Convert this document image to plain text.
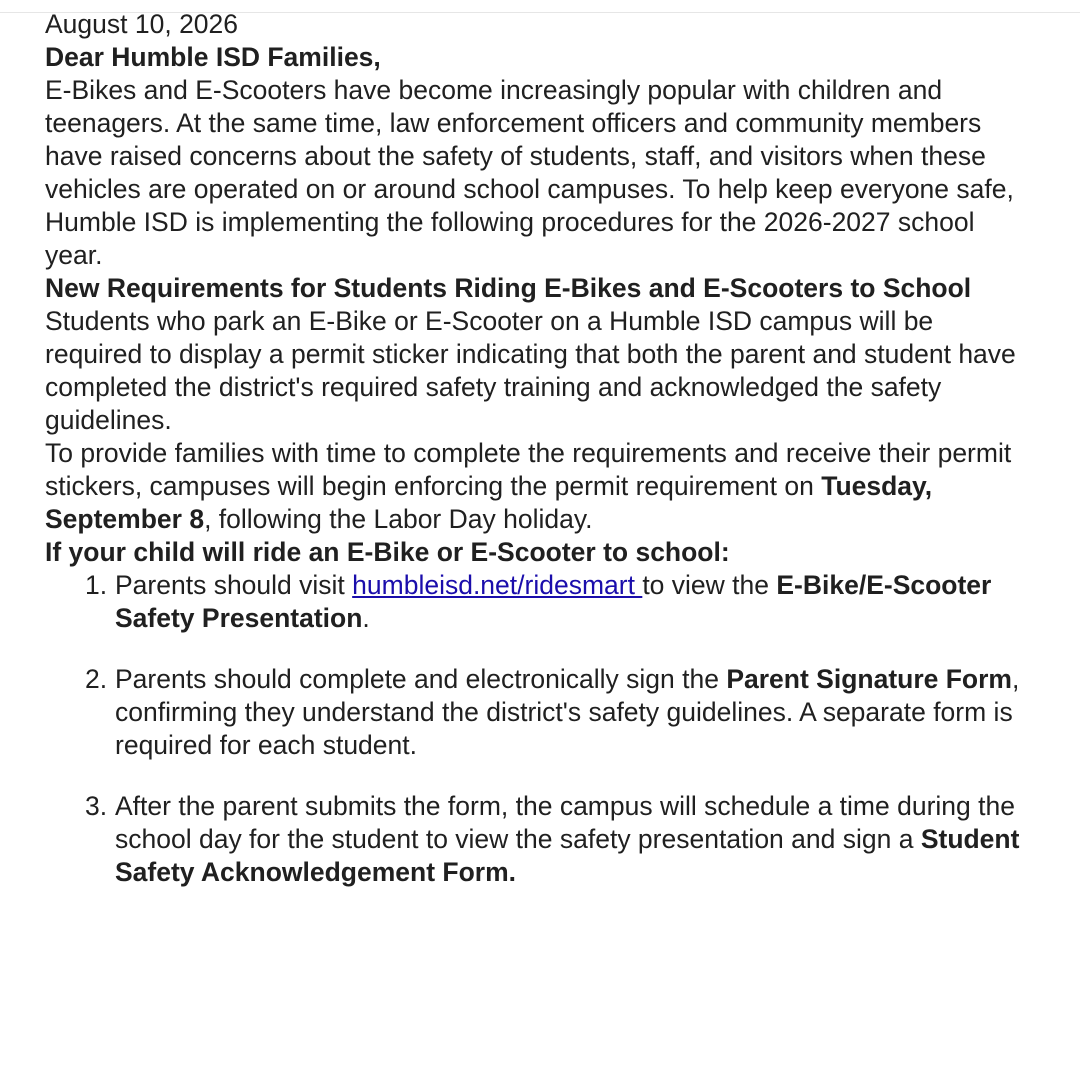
August 10, 2026

Dear Humble ISD Families,

E-Bikes and E-Scooters have become increasingly popular with children and teenagers. At the same time, law enforcement officers and community members have raised concerns about the safety of students, staff, and visitors when these vehicles are operated on or around school campuses. To help keep everyone safe, Humble ISD is implementing the following procedures for the 2026-2027 school year.

New Requirements for Students Riding E-Bikes and E-Scooters to School
Students who park an E-Bike or E-Scooter on a Humble ISD campus will be required to display a permit sticker indicating that both the parent and student have completed the district's required safety training and acknowledged the safety guidelines.

To provide families with time to complete the requirements and receive their permit stickers, campuses will begin enforcing the permit requirement on Tuesday, September 8, following the Labor Day holiday.

If your child will ride an E-Bike or E-Scooter to school:

1. Parents should visit humbleisd.net/ridesmart to view the E-Bike/E-Scooter Safety Presentation.
2. Parents should complete and electronically sign the Parent Signature Form, confirming they understand the district's safety guidelines. A separate form is required for each student.
3. After the parent submits the form, the campus will schedule a time during the school day for the student to view the safety presentation and sign a Student Safety Acknowledgement Form.
